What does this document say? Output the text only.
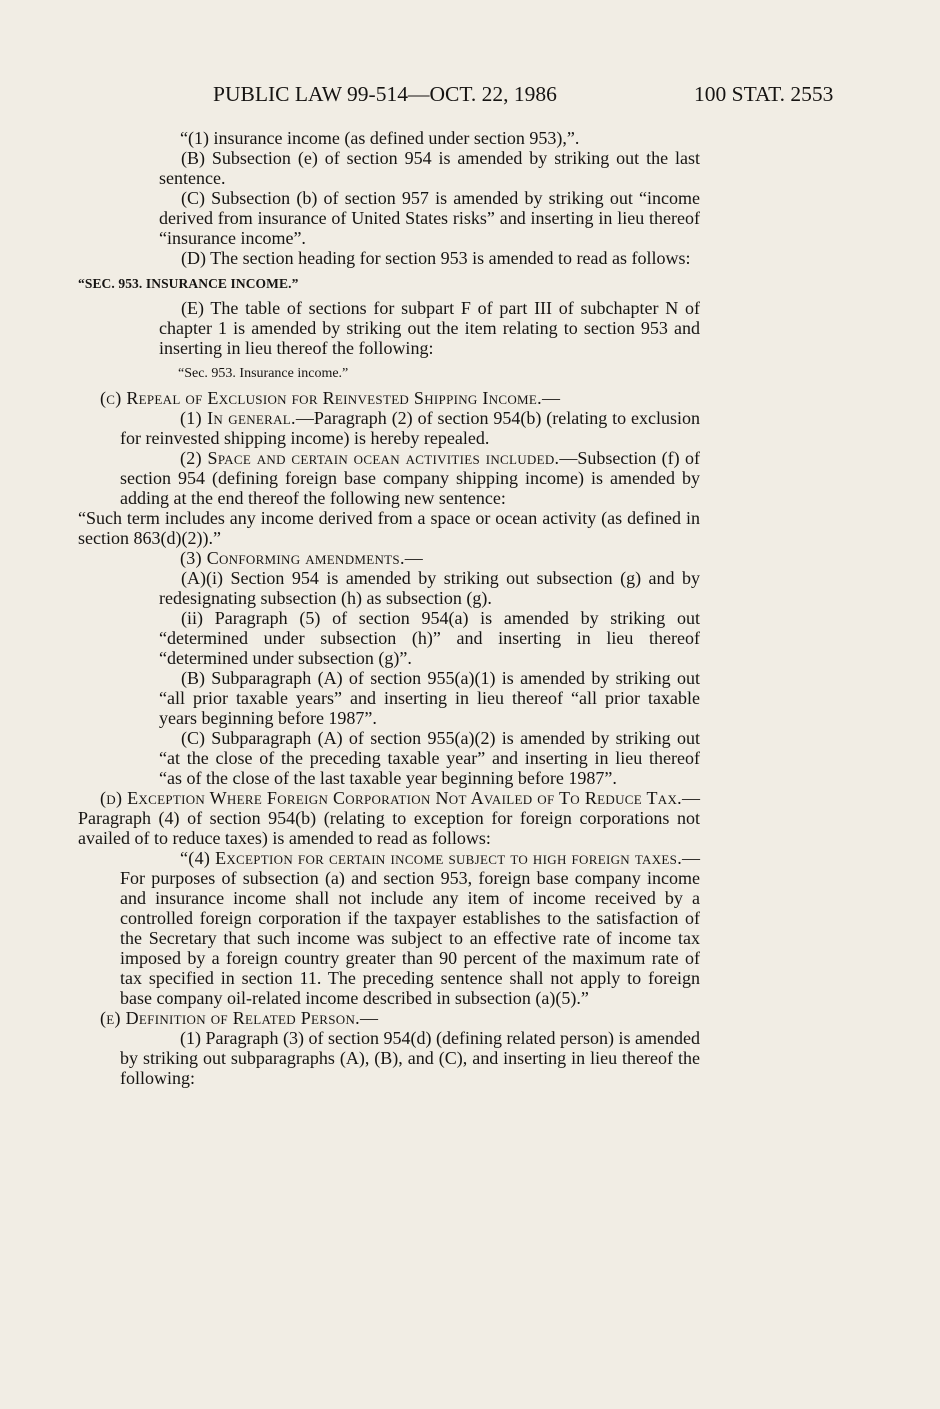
PUBLIC LAW 99-514—OCT. 22, 1986	100 STAT. 2553

“(1) insurance income (as defined under section 953),”.

(B) Subsection (e) of section 954 is amended by striking out the last sentence.

(C) Subsection (b) of section 957 is amended by striking out “income derived from insurance of United States risks” and inserting in lieu thereof “insurance income”.

(D) The section heading for section 953 is amended to read as follows:

“SEC. 953. INSURANCE INCOME.”

(E) The table of sections for subpart F of part III of subchapter N of chapter 1 is amended by striking out the item relating to section 953 and inserting in lieu thereof the following:

“Sec. 953. Insurance income.”

(c) Repeal of Exclusion for Reinvested Shipping Income.—

(1) In general.—Paragraph (2) of section 954(b) (relating to exclusion for reinvested shipping income) is hereby repealed.

(2) Space and certain ocean activities included.—Subsection (f) of section 954 (defining foreign base company shipping income) is amended by adding at the end thereof the following new sentence:

“Such term includes any income derived from a space or ocean activity (as defined in section 863(d)(2)).”

(3) Conforming amendments.—

(A)(i) Section 954 is amended by striking out subsection (g) and by redesignating subsection (h) as subsection (g).

(ii) Paragraph (5) of section 954(a) is amended by striking out “determined under subsection (h)” and inserting in lieu thereof “determined under subsection (g)”.

(B) Subparagraph (A) of section 955(a)(1) is amended by striking out “all prior taxable years” and inserting in lieu thereof “all prior taxable years beginning before 1987”.

(C) Subparagraph (A) of section 955(a)(2) is amended by striking out “at the close of the preceding taxable year” and inserting in lieu thereof “as of the close of the last taxable year beginning before 1987”.

(d) Exception Where Foreign Corporation Not Availed of To Reduce Tax.—Paragraph (4) of section 954(b) (relating to exception for foreign corporations not availed of to reduce taxes) is amended to read as follows:

“(4) Exception for certain income subject to high foreign taxes.—For purposes of subsection (a) and section 953, foreign base company income and insurance income shall not include any item of income received by a controlled foreign corporation if the taxpayer establishes to the satisfaction of the Secretary that such income was subject to an effective rate of income tax imposed by a foreign country greater than 90 percent of the maximum rate of tax specified in section 11. The preceding sentence shall not apply to foreign base company oil-related income described in subsection (a)(5).”

(e) Definition of Related Person.—

(1) Paragraph (3) of section 954(d) (defining related person) is amended by striking out subparagraphs (A), (B), and (C), and inserting in lieu thereof the following:
